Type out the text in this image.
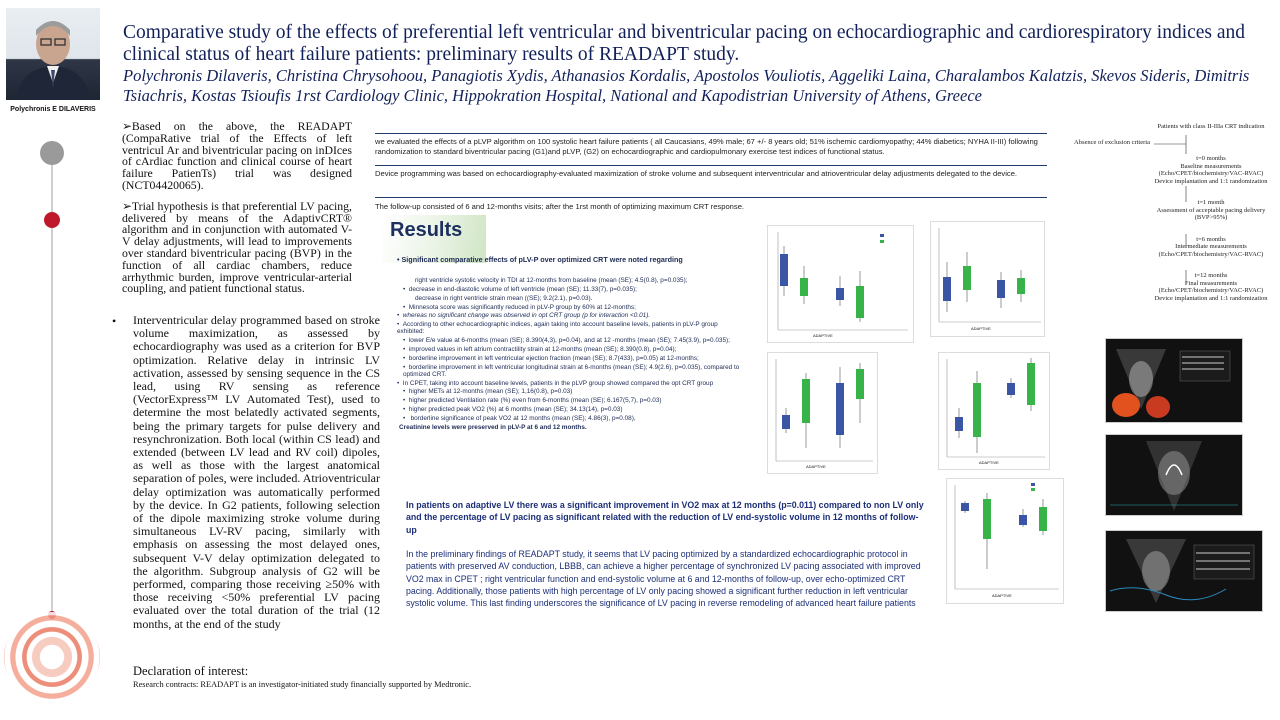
Polychronis E DILAVERIS
Comparative study of the effects of preferential left ventricular and biventricular pacing on echocardiographic and cardiorespiratory indices and clinical status of heart failure patients: preliminary results of READAPT study.
Polychronis Dilaveris, Christina Chrysohoou, Panagiotis Xydis, Athanasios Kordalis, Apostolos Vouliotis, Aggeliki Laina, Charalambos Kalatzis, Skevos Sideris, Dimitris Tsiachris, Kostas Tsioufis 1rst Cardiology Clinic, Hippokration Hospital, National and Kapodistrian University of Athens, Greece

➢Based on the above, the READAPT (CompaRative trial of the Effects of left ventricul Ar and biventricular pacing on inDIces of cArdiac function and clinical course of heart failure PatienTs) trial was designed (NCT04420065).

➢Trial hypothesis is that preferential LV pacing, delivered by means of the AdaptivCRT® algorithm and in conjunction with automated V-V delay adjustments, will lead to improvements over standard biventricular pacing (BVP) in the function of all cardiac chambers, reduce arrhythmic burden, improve ventricular-arterial coupling, and patient functional status.

• Interventricular delay programmed based on stroke volume maximization, as assessed by echocardiography was used as a criterion for BVP optimization. Relative delay in intrinsic LV activation, assessed by sensing sequence in the CS lead, using RV sensing as reference (VectorExpress™ LV Automated Test), used to determine the most belatedly activated segments, being the primary targets for pulse delivery and resynchronization. Both local (within CS lead) and extended (between LV lead and RV coil) dipoles, as well as those with the largest anatomical separation of poles, were included. Atrioventricular delay optimization was automatically performed by the device. In G2 patients, following selection of the dipole maximizing stroke volume during simultaneous LV-RV pacing, similarly with emphasis on assessing the most delayed ones, subsequent V-V delay optimization delegated to the algorithm. Subgroup analysis of G2 will be performed, comparing those receiving ≥50% with those receiving <50% preferential LV pacing evaluated over the total duration of the trial (12 months, at the end of the study
Declaration of interest:
Research contracts: READAPT is an investigator-initiated study financially supported by Medtronic.
we evaluated the effects of a pLVP algorithm on 100 systolic heart failure patients ( all Caucasians, 49% male; 67 +/- 8 years old; 51% ischemic cardiomyopathy; 44% diabetics; NYHA II-III) following randomization to standard biventricular pacing (G1)and pLVP, (G2) on echocardiographic and cardiopulmonary exercise test indices of functional status.
Device programming was based on echocardiography-evaluated maximization of stroke volume and subsequent interventricular and atrioventricular delay adjustments delegated to the device.
The follow-up consisted of 6 and 12-months visits; after the 1rst month of optimizing maximum CRT response.
Results
• Significant comparative effects of pLV-P over optimized CRT were noted regarding
right ventricle systolic velocity in TDI at 12-months from baseline (mean (SE); 4.5(0.8), p=0.035);
•  decrease in end-diastolic volume of left ventricle (mean (SE); 11.33(7), p=0.035);
decrease in right ventricle strain mean ((SE); 9.2(2.1), p=0.03).
•  Minnesota score was significantly reduced in pLV-P group by 60% at 12-months;
•  whereas no significant change was observed in opt CRT group (p for interaction <0.01).
•  According to other echocardiographic indices, again taking into account baseline levels, patients in pLV-P group exhibited:
•  lower E/e value at 6-months (mean (SE); 8.390(4,3), p=0.04), and at 12 -months (mean (SE); 7.45(3.9), p=0.035);
•  improved values in left atrium contractility strain at 12-months (mean (SE); 8.390(0.8), p=0.04);
•  borderline improvement in left ventricular ejection fraction (mean (SE); 8.7(433), p=0.05) at 12-months;
•  borderline improvement in left ventricular longitudinal strain at 6-months (mean (SE); 4.9(2.6), p=0.035), compared to optimized CRT.
•  In CPET, taking into account baseline levels, patients in the pLVP group showed compared the opt CRT group
•  higher METs at 12-months (mean (SE); 1,16(0.8), p=0.03)
•  higher predicted Ventilation rate (%) even from 6-months (mean (SE); 6.167(5,7), p=0.03)
•  higher predicted peak VO2 (%) at 6 months (mean (SE); 34.13(14), p=0.03)
•   borderline significance of peak VO2 at 12 months (mean (SE); 4.86(3), p=0.08),
Creatinine levels were preserved in pLV-P at 6 and 12 months.
In patients on adaptive LV there was a significant improvement in VO2 max at 12 months (p=0.011) compared to non LV only and the percentage of LV pacing as significant related with the reduction of LV end-systolic volume in 12 months of follow-up
In the preliminary findings of READAPT study, it seems that LV pacing optimized by a standardized echocardiographic protocol in patients with preserved AV conduction, LBBB, can achieve a higher percentage of synchronized LV pacing associated with improved VO2 max in CPET ; right ventricular function and end-systolic volume at 6 and 12-months of follow-up, over echo-optimized CRT pacing. Additionally, those patients with high percentage of LV only pacing showed a significant further reduction in left ventricular systolic volume. This last finding underscores the significance of LV pacing in reverse remodeling of advanced heart failure patients
ADAPTIVE
ADAPTIVE
ADAPTIVE
ADAPTIVE
ADAPTIVE
Patients with class II-IIIa CRT indication
Absence of exclusion criteria
t=0 months
Baseline measurements (Echo/CPET/biochemistry/VAC-RVAC)
Device implantation and 1:1 randomization
t=1 month
Assessment of acceptable pacing delivery
(BVP>95%)
t=6 months
Intermediate measurements (Echo/CPET/biochemistry/VAC-RVAC)
t=12 months
Final measurements (Echo/CPET/biochemistry/VAC-RVAC)
Device implantation and 1:1 randomization
